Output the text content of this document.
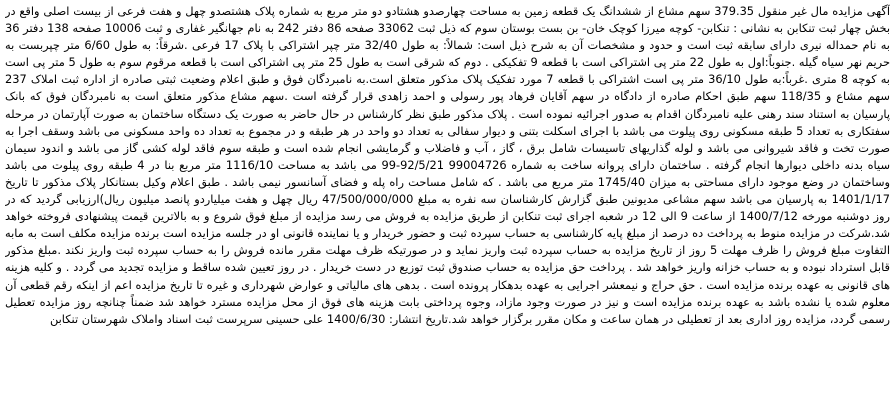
آگهی مزایده مال غیر منقول 379.35 سهم مشاع از ششدانگ یک قطعه زمین به مساحت چهارصدو هشتادو دو متر مربع به شماره پلاک هشتصدو چهل و هفت فرعی از بیست اصلی واقع در بخش چهار ثبت تنکابن به نشانی : تنکابن- کوچه میرزا کوچک خان- بن بست بوستان سوم که ذیل ثبت 33062 صفحه 86 دفتر 242 به نام جهانگیر غفاری و ثبت 10006 صفحه 138 دفتر 36 به نام حمداله نیری دارای سابقه ثبت است و حدود و مشخصات آن به شرح ذیل است: شمالاً: به طول 32/40 متر چپر اشتراکی با پلاک 17 فرعی .شرقاً: به طول 6/60 متر چپربست به حریم نهر سیاه گیله .جنوباً:اول به طول 22 متر پی اشتراکی است با قطعه 9 تفکیکی . دوم که شرقی است به طول 25 متر پی اشتراکی است با قطعه مرقوم سوم به طول 5 متر پی است به کوچه 8 متری .غرباً:به طول 36/10 متر پی است اشتراکی با قطعه 7 مورد تفکیک پلاک مذکور متعلق است.به نامبردگان فوق و طبق اعلام وضعیت ثبتی صادره از اداره ثبت املاک 237 سهم مشاع و 118/35 سهم طبق احکام صادره از دادگاه در سهم آقایان فرهاد پور رسولی و احمد زاهدی قرار گرفته است .سهم مشاع مذکور متعلق است به نامبردگان فوق که بانک پارسیان به استناد سند رهنی علیه نامبردگان اقدام به صدور اجرائیه نموده است . پلاک مذکور طبق نظر کارشناس در حال حاضر به صورت یک دستگاه ساختمان به صورت آپارتمان در مرحله سفتکاری به تعداد 5 طبقه مسکونی روی پیلوت می باشد با اجرای اسکلت بتنی و دیوار سفالی به تعداد دو واحد در هر طبقه و در مجموع به تعداد ده واحد مسکونی می باشد وسقف اجرا به صورت تخت و فاقد شیروانی می باشد و لوله گذاریهای تاسیسات شامل برق ، گاز ، آب و فاضلاب و گرمایشی انجام شده است و طبقه سوم فاقد لوله کشی گاز می باشد و اندود سیمان سیاه بدنه داخلی دیوارها انجام گرفته . ساختمان دارای پروانه ساخت به شماره 99004726 92/5/21-99 می باشد به مساحت 1116/10 متر مربع بنا در 4 طبقه روی پیلوت می باشد وساختمان در وضع موجود دارای مساحتی به میزان 1745/40 متر مربع می باشد . که شامل مساحت راه پله و فضای آسانسور نیمی باشد . طبق اعلام وکیل بستانکار پلاک مذکور تا تاریخ 1401/1/17 به پارسیان می باشد سهم مشاعی مدیونین طبق گزارش کارشناسان سه نفره به مبلغ 47/500/000/000 ریال چهل و هفت میلیاردو پانصد میلیون ریال)ارزیابی گردید که در روز دوشنبه مورخه 1400/7/12 از ساعت 9 الی 12 در شعبه اجرای ثبت تنکابن از طریق مزایده به فروش می رسد مزایده از مبلغ فوق شروع و به بالاترین قیمت پیشنهادی فروخته خواهد شد.شرکت در مزایده منوط به پرداخت ده درصد از مبلغ پایه کارشناسی به حساب سپرده ثبت و حضور خریدار و یا نماینده قانونی او در جلسه مزایده است برنده مزایده مکلف است به مابه التفاوت مبلغ فروش را ظرف مهلت 5 روز از تاریخ مزایده به حساب سپرده ثبت واریز نماید و در صورتیکه ظرف مهلت مقرر مانده فروش را به حساب سپرده ثبت واریز نکند .مبلغ مذکور قابل استرداد نبوده و به حساب خزانه واریز خواهد شد . پرداخت حق مزایده به حساب صندوق ثبت توزیع در دست خریدار . در روز تعیین شده ساقط و مزایده تجدید می گردد . و کلیه هزینه های قانونی به عهده برنده مزایده است . حق حراج و نیمعشر اجرایی به عهده بدهکار پرونده است . بدهی های مالیاتی و عوارض شهرداری و غیره تا تاریخ مزایده اعم از اینکه رقم قطعی آن معلوم شده یا نشده باشد به عهده برنده مزایده است و نیز در صورت وجود مازاد، وجوه پرداختی بابت هزینه های فوق از محل مزایده مسترد خواهد شد ضمناً چنانچه روز مزایده تعطیل رسمی گردد، مزایده روز اداری بعد از تعطیلی در همان ساعت و مکان مقرر برگزار خواهد شد.تاریخ انتشار: 1400/6/30 علی حسینی سرپرست ثبت اسناد واملاک شهرستان تنکابن
